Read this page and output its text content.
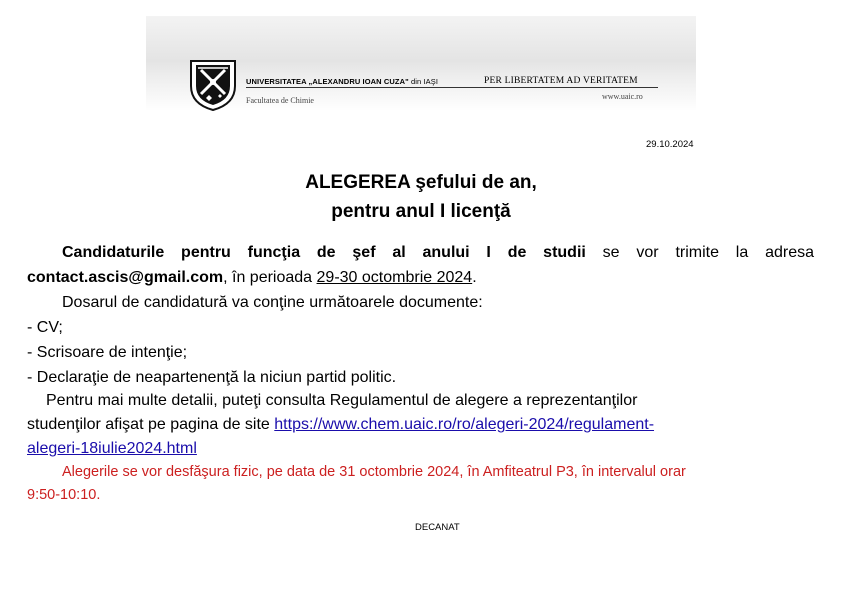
UNIVERSITATEA „ALEXANDRU IOAN CUZA" din IAŞI	PER LIBERTATEM AD VERITATEM
Facultatea de Chimie	www.uaic.ro
29.10.2024
ALEGEREA şefului de an,
pentru anul I licenţă
Candidaturile pentru funcţia de şef al anului I de studii se vor trimite la adresa
contact.ascis@gmail.com, în perioada 29-30 octombrie 2024.
Dosarul de candidatură va conţine următoarele documente:
- CV;
- Scrisoare de intenţie;
- Declaraţie de neapartenenţă la niciun partid politic.
Pentru mai multe detalii, puteţi consulta Regulamentul de alegere a reprezentanţilor
studenţilor afişat pe pagina de site https://www.chem.uaic.ro/ro/alegeri-2024/regulament-
alegeri-18iulie2024.html
Alegerile se vor desfăşura fizic, pe data de 31 octombrie 2024, în Amfiteatrul P3, în intervalul orar
9:50-10:10.
DECANAT
